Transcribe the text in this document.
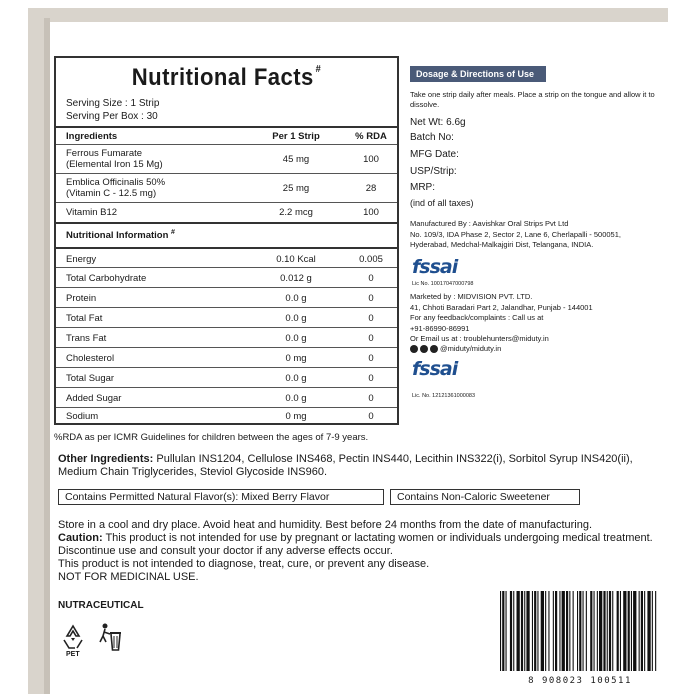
Nutritional Facts #
Serving Size : 1 Strip
Serving Per Box : 30
Ingredients	Per 1 Strip	% RDA
Ferrous Fumarate
(Elemental Iron 15 Mg)	45 mg	100
Emblica Officinalis 50%
(Vitamin C - 12.5 mg)	25 mg	28
Vitamin B12	2.2 mcg	100
Nutritional Information #
Energy	0.10 Kcal	0.005
Total Carbohydrate	0.012 g	0
Protein	0.0 g	0
Total Fat	0.0 g	0
Trans Fat	0.0 g	0
Cholesterol	0 mg	0
Total Sugar	0.0 g	0
Added Sugar	0.0 g	0
Sodium	0 mg	0
%RDA as per ICMR Guidelines for children between the ages of 7-9 years.
Dosage & Directions of Use
Take one strip daily after meals. Place a strip on the tongue and allow it to dissolve.
Net Wt: 6.6g
Batch No:
MFG Date:
USP/Strip:
MRP:
(ind of all taxes)
Manufactured By : Aavishkar Oral Strips Pvt Ltd
No. 109/3, IDA Phase 2, Sector 2, Lane 6, Cherlapalli - 500051,
Hyderabad, Medchal-Malkajgiri Dist, Telangana, INDIA.
fssai
Lic No. 10017047000798
Marketed by : MIDVISION PVT. LTD.
41, Chhoti Baradari Part 2, Jalandhar, Punjab - 144001
For any feedback/complaints : Call us at
+91-86990-86991
Or Email us at : troublehunters@miduty.in
@miduty/miduty.in
fssai
Lic. No. 12121361000083
Other Ingredients: Pullulan INS1204, Cellulose INS468, Pectin INS440, Lecithin INS322(i), Sorbitol Syrup INS420(ii), Medium Chain Triglycerides, Steviol Glycoside INS960.
Contains Permitted Natural Flavor(s): Mixed Berry Flavor	Contains Non-Caloric Sweetener
Store in a cool and dry place. Avoid heat and humidity. Best before 24 months from the date of manufacturing.
Caution: This product is not intended for use by pregnant or lactating women or individuals undergoing medical treatment. Discontinue use and consult your doctor if any adverse effects occur.
This product is not intended to diagnose, treat, cure, or prevent any disease.
NOT FOR MEDICINAL USE.
NUTRACEUTICAL
PET
8 908023 100511
